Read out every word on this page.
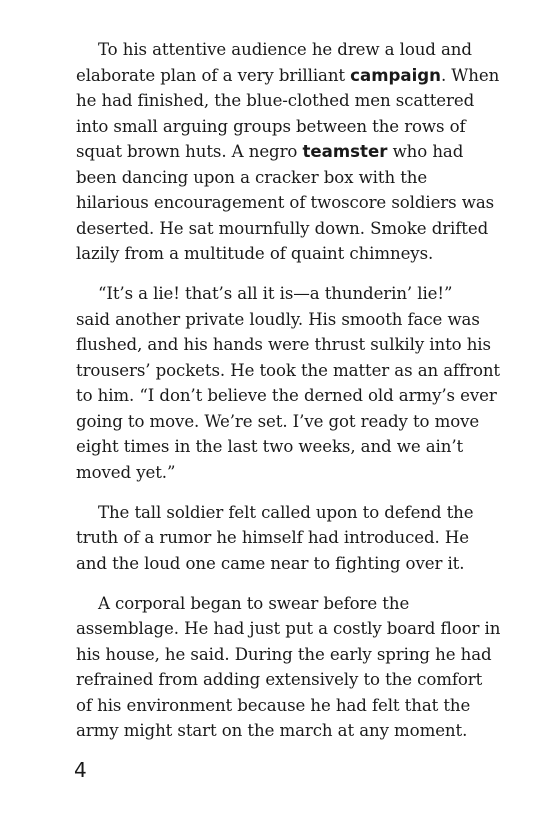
To his attentive audience he drew a loud and
elaborate plan of a very brilliant campaign. When
he had finished, the blue-clothed men scattered
into small arguing groups between the rows of
squat brown huts. A negro teamster who had
been dancing upon a cracker box with the
hilarious encouragement of twoscore soldiers was
deserted. He sat mournfully down. Smoke drifted
lazily from a multitude of quaint chimneys.
“It’s a lie! that’s all it is—a thunderin’ lie!”
said another private loudly. His smooth face was
flushed, and his hands were thrust sulkily into his
trousers’ pockets. He took the matter as an affront
to him. “I don’t believe the derned old army’s ever
going to move. We’re set. I’ve got ready to move
eight times in the last two weeks, and we ain’t
moved yet.”
The tall soldier felt called upon to defend the
truth of a rumor he himself had introduced. He
and the loud one came near to fighting over it.
A corporal began to swear before the
assemblage. He had just put a costly board floor in
his house, he said. During the early spring he had
refrained from adding extensively to the comfort
of his environment because he had felt that the
army might start on the march at any moment.
4
